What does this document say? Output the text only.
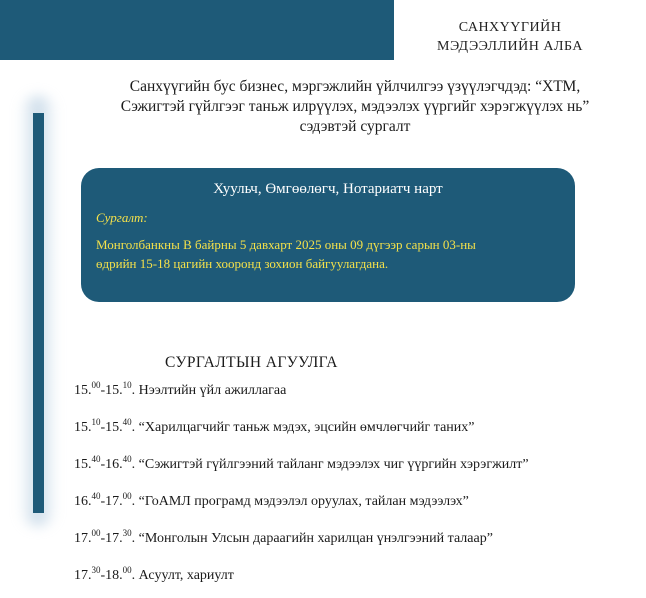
САНХҮҮГИЙН
МЭДЭЭЛЛИЙН АЛБА
Санхүүгийн бус бизнес, мэргэжлийн үйлчилгээ үзүүлэгчдэд: “ХТМ,
Сэжигтэй гүйлгээг таньж илрүүлэх, мэдээлэх үүргийг хэрэгжүүлэх нь”
сэдэвтэй сургалт
Хуульч, Өмгөөлөгч, Нотариатч нарт
Сургалт:
Монголбанкны В байрны 5 давхарт 2025 оны 09 дүгээр сарын 03-ны
өдрийн 15-18 цагийн хооронд зохион байгуулагдана.
СУРГАЛТЫН АГУУЛГА
15.00-15.10. Нээлтийн үйл ажиллагаа
15.10-15.40. “Харилцагчийг таньж мэдэх, эцсийн өмчлөгчийг таних”
15.40-16.40. “Сэжигтэй гүйлгээний тайланг мэдээлэх чиг үүргийн хэрэгжилт”
16.40-17.00. “ГоАМЛ програмд мэдээлэл оруулах, тайлан мэдээлэх”
17.00-17.30. “Монголын Улсын дараагийн харилцан үнэлгээний талаар”
17.30-18.00. Асуулт, хариулт
